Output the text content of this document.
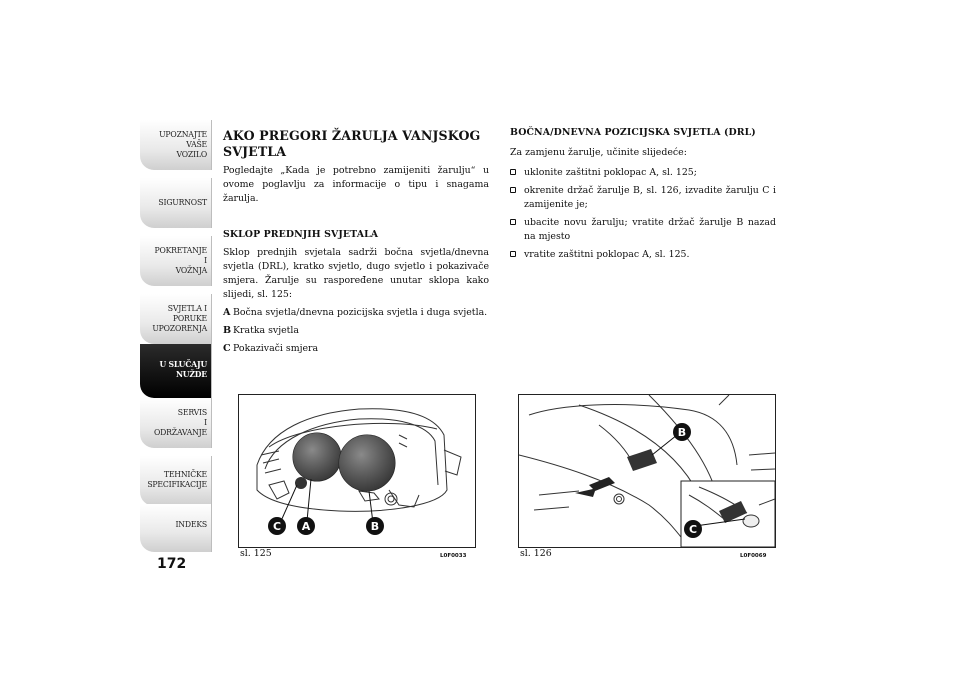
UPOZNAJTE
VAŠE
VOZILO
SIGURNOST
POKRETANJE
I
VOŽNJA
SVJETLA I
PORUKE
UPOZORENJA
U SLUČAJU
NUŽDE
SERVIS
I
ODRŽAVANJE
TEHNIČKE
SPECIFIKACIJE
INDEKS
172
AKO PREGORI ŽARULJA VANJSKOG SVJETLA

Pogledajte „Kada je potrebno zamijeniti žarulju“ u ovome poglavlju za informacije o tipu i snagama žarulja.

SKLOP PREDNJIH SVJETALA

Sklop prednjih svjetala sadrži bočna svjetla/dnevna svjetla (DRL), kratko svjetlo, dugo svjetlo i pokazivače smjera. Žarulje su raspoređene unutar sklopa kako slijedi, sl. 125:

A Bočna svjetla/dnevna pozicijska svjetla i duga svjetla.
B Kratka svjetla
C Pokazivači smjera
BOČNA/DNEVNA POZICIJSKA SVJETLA (DRL)

Za zamjenu žarulje, učinite slijedeće:

uklonite zaštitni poklopac A, sl. 125;

okrenite držač žarulje B, sl. 126, izvadite žarulju C i zamijenite je;

ubacite novu žarulju; vratite držač žarulje B nazad na mjesto

vratite zaštitni poklopac A, sl. 125.

C A	B
sl. 125	L0F0033
B
C
sl. 126	L0F0069
